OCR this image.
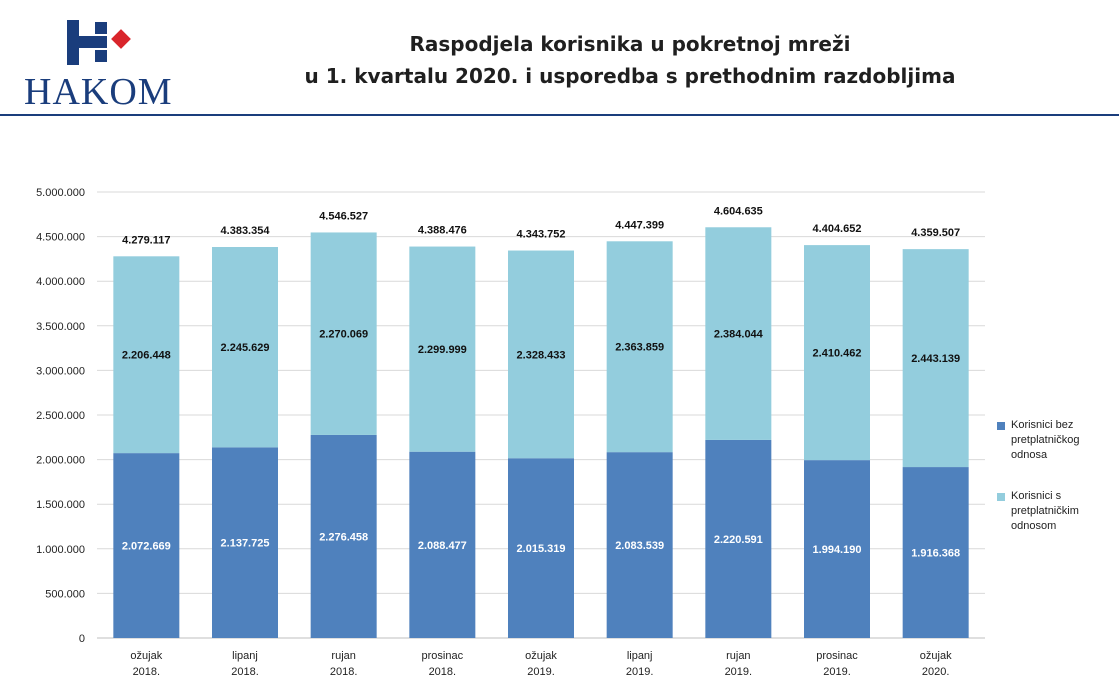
HAKOM
Raspodjela korisnika u pokretnoj mreži
u 1. kvartalu 2020. i usporedba s prethodnim razdobljima
0
500.000
1.000.000
1.500.000
2.000.000
2.500.000
3.000.000
3.500.000
4.000.000
4.500.000
5.000.000
2.072.669
2.206.448
4.279.117
ožujak
2018.
2.137.725
2.245.629
4.383.354
lipanj
2018.
2.276.458
2.270.069
4.546.527
rujan
2018.
2.088.477
2.299.999
4.388.476
prosinac
2018.
2.015.319
2.328.433
4.343.752
ožujak
2019.
2.083.539
2.363.859
4.447.399
lipanj
2019.
2.220.591
2.384.044
4.604.635
rujan
2019.
1.994.190
2.410.462
4.404.652
prosinac
2019.
1.916.368
2.443.139
4.359.507
ožujak
2020.
Korisnici bez
pretplatničkog
odnosa
Korisnici s
pretplatničkim
odnosom
